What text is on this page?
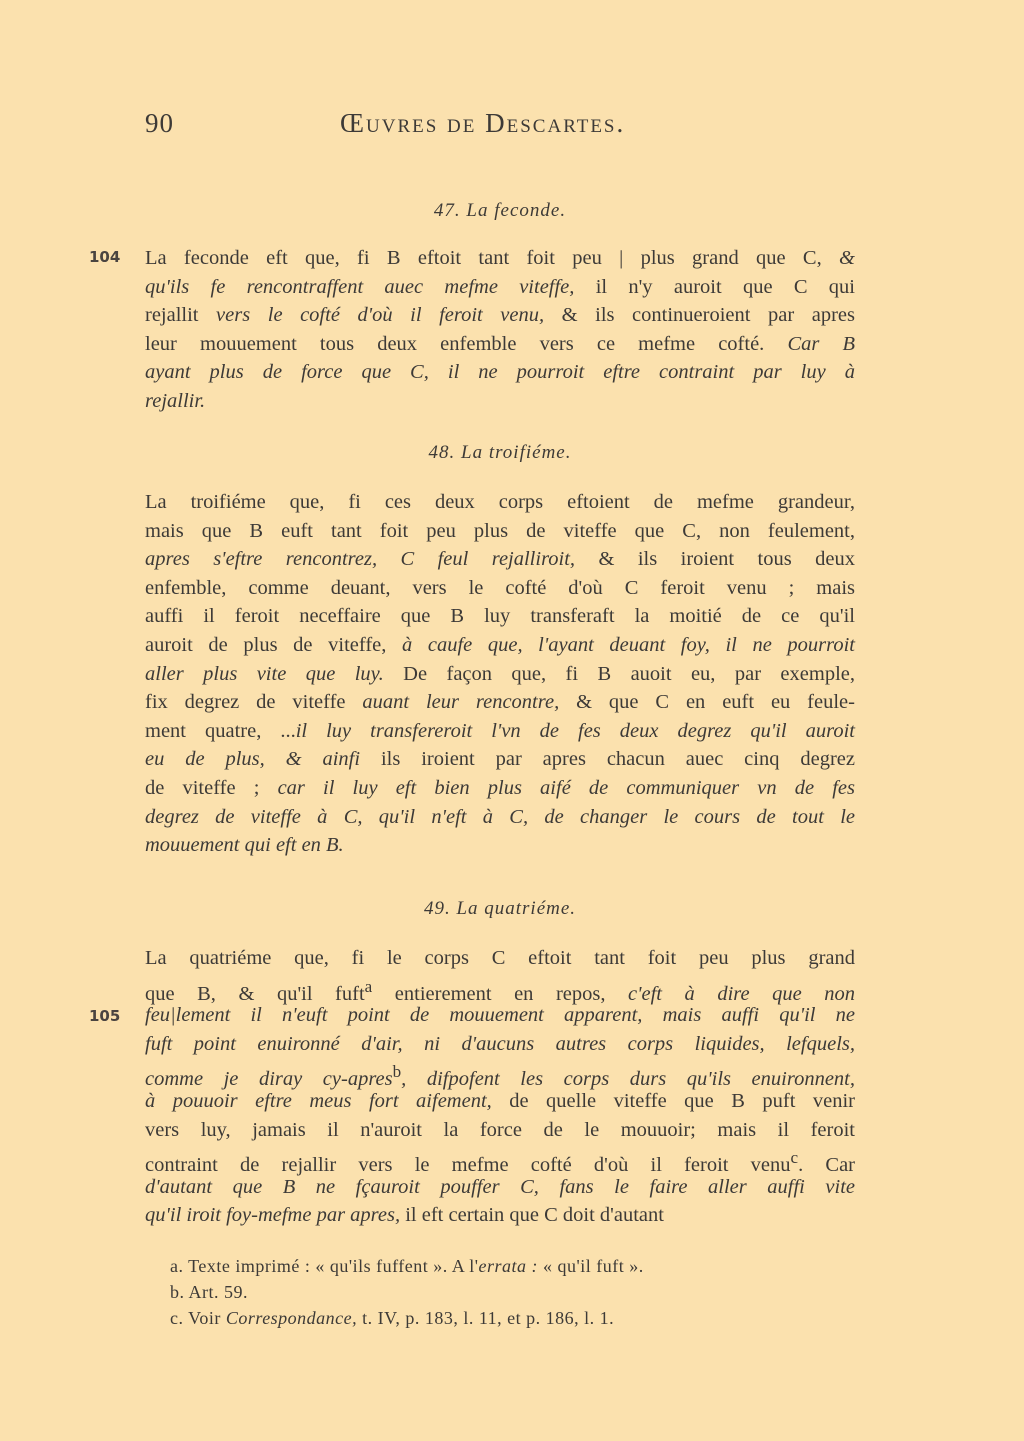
90	Œuvres de Descartes.
47. La feconde.
104 La feconde eft que, fi B eftoit tant foit peu | plus grand que C, &
qu'ils fe rencontraffent auec mefme viteffe, il n'y auroit que C qui
rejallit vers le cofté d'où il feroit venu, & ils continueroient par apres
leur mouuement tous deux enfemble vers ce mefme cofté. Car B
ayant plus de force que C, il ne pourroit eftre contraint par luy à
rejallir.
48. La troifiéme.
La troifiéme que, fi ces deux corps eftoient de mefme grandeur,
mais que B euft tant foit peu plus de viteffe que C, non feulement,
apres s'eftre rencontrez, C feul rejalliroit, & ils iroient tous deux
enfemble, comme deuant, vers le cofté d'où C feroit venu ; mais
auffi il feroit neceffaire que B luy transferaft la moitié de ce qu'il
auroit de plus de viteffe, à caufe que, l'ayant deuant foy, il ne pourroit
aller plus vite que luy. De façon que, fi B auoit eu, par exemple,
fix degrez de viteffe auant leur rencontre, & que C en euft eu feule-
ment quatre, ...il luy transfereroit l'vn de fes deux degrez qu'il auroit
eu de plus, & ainfi ils iroient par apres chacun auec cinq degrez
de viteffe ; car il luy eft bien plus aifé de communiquer vn de fes
degrez de viteffe à C, qu'il n'eft à C, de changer le cours de tout le
mouuement qui eft en B.
49. La quatriéme.
105
La quatriéme que, fi le corps C eftoit tant foit peu plus grand
que B, & qu'il fuft$^a$ entierement en repos, c'eft à dire que non
feu|lement il n'euft point de mouuement apparent, mais auffi qu'il ne
fuft point enuironné d'air, ni d'aucuns autres corps liquides, lefquels,
comme je diray cy-apres$^b$, difpofent les corps durs qu'ils enuironnent,
à pouuoir eftre meus fort aifement, de quelle viteffe que B puft venir
vers luy, jamais il n'auroit la force de le mouuoir; mais il feroit
contraint de rejallir vers le mefme cofté d'où il feroit venu$^c$. Car
d'autant que B ne fçauroit pouffer C, fans le faire aller auffi vite
qu'il iroit foy-mefme par apres, il eft certain que C doit d'autant
a. Texte imprimé : « qu'ils fuffent ». A l'errata : « qu'il fuft ».
b. Art. 59.
c. Voir Correspondance, t. IV, p. 183, l. 11, et p. 186, l. 1.
